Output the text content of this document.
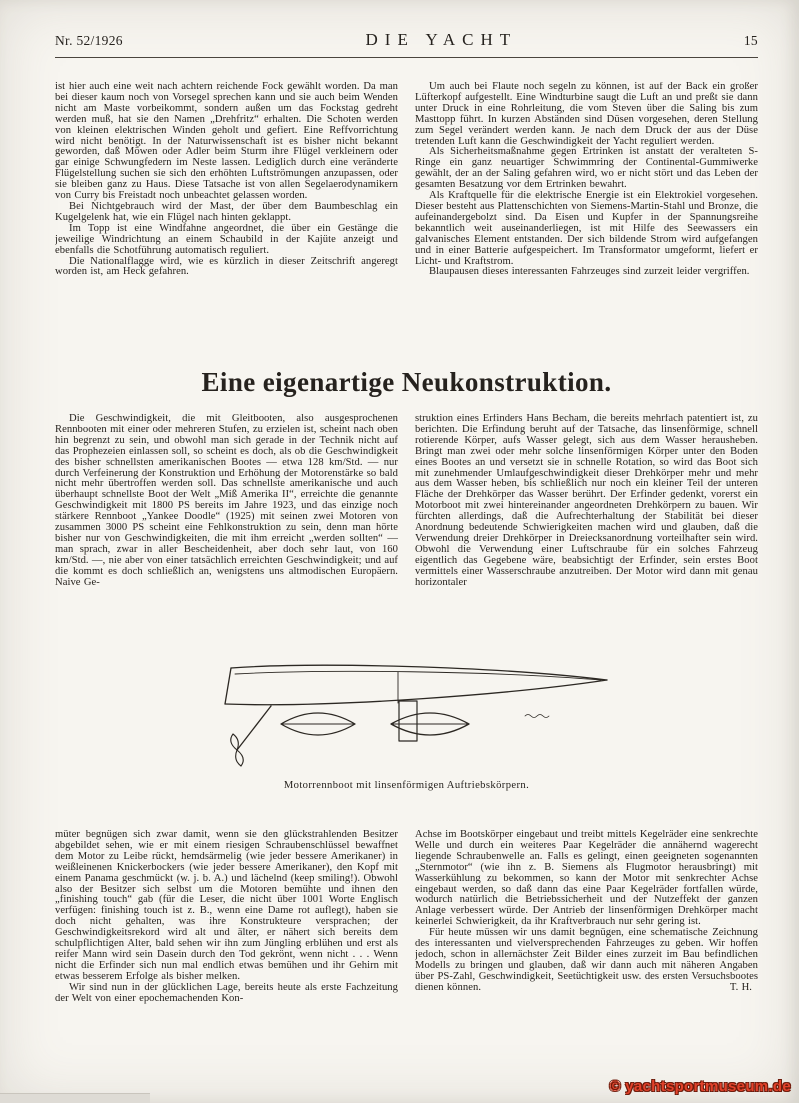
Nr. 52/1926	DIE YACHT	15

ist hier auch eine weit nach achtern reichende Fock gewählt worden. Da man bei dieser kaum noch von Vorsegel sprechen kann und sie auch beim Wenden nicht am Maste vorbeikommt, sondern außen um das Fockstag gedreht werden muß, hat sie den Namen „Drehfritz“ erhalten. Die Schoten werden von kleinen elektrischen Winden geholt und gefiert. Eine Reffvorrichtung wird nicht benötigt. In der Naturwissenschaft ist es bisher nicht bekannt geworden, daß Möwen oder Adler beim Sturm ihre Flügel verkleinern oder gar einige Schwungfedern im Neste lassen. Lediglich durch eine veränderte Flügelstellung suchen sie sich den erhöhten Luftströmungen anzupassen, oder sie bleiben ganz zu Haus. Diese Tatsache ist von allen Segelaerodynamikern von Curry bis Freistadt noch unbeachtet gelassen worden.

Bei Nichtgebrauch wird der Mast, der über dem Baumbeschlag ein Kugelgelenk hat, wie ein Flügel nach hinten geklappt.

Im Topp ist eine Windfahne angeordnet, die über ein Gestänge die jeweilige Windrichtung an einem Schaubild in der Kajüte anzeigt und ebenfalls die Schotführung automatisch reguliert.

Die Nationalflagge wird, wie es kürzlich in dieser Zeitschrift angeregt worden ist, am Heck gefahren.

Um auch bei Flaute noch segeln zu können, ist auf der Back ein großer Lüfterkopf aufgestellt. Eine Windturbine saugt die Luft an und preßt sie dann unter Druck in eine Rohrleitung, die vom Steven über die Saling bis zum Masttopp führt. In kurzen Abständen sind Düsen vorgesehen, deren Stellung zum Segel verändert werden kann. Je nach dem Druck der aus der Düse tretenden Luft kann die Geschwindigkeit der Yacht reguliert werden.

Als Sicherheitsmaßnahme gegen Ertrinken ist anstatt der veralteten S-Ringe ein ganz neuartiger Schwimmring der Continental-Gummiwerke gewählt, der an der Saling gefahren wird, wo er nicht stört und das Leben der gesamten Besatzung vor dem Ertrinken bewahrt.

Als Kraftquelle für die elektrische Energie ist ein Elektrokiel vorgesehen. Dieser besteht aus Plattenschichten von Siemens-Martin-Stahl und Bronze, die aufeinandergebolzt sind. Da Eisen und Kupfer in der Spannungsreihe bekanntlich weit auseinanderliegen, ist mit Hilfe des Seewassers ein galvanisches Element entstanden. Der sich bildende Strom wird aufgefangen und in einer Batterie aufgespeichert. Im Transformator umgeformt, liefert er Licht- und Kraftstrom.

Blaupausen dieses interessanten Fahrzeuges sind zurzeit leider vergriffen.

Eine eigenartige Neukonstruktion.

Die Geschwindigkeit, die mit Gleitbooten, also ausgesprochenen Rennbooten mit einer oder mehreren Stufen, zu erzielen ist, scheint nach oben hin begrenzt zu sein, und obwohl man sich gerade in der Technik nicht auf das Prophezeien einlassen soll, so scheint es doch, als ob die Geschwindigkeit des bisher schnellsten amerikanischen Bootes — etwa 128 km/Std. — nur durch Verfeinerung der Konstruktion und Erhöhung der Motorenstärke so bald nicht mehr übertroffen werden soll. Das schnellste amerikanische und auch überhaupt schnellste Boot der Welt „Miß Amerika II“, erreichte die genannte Geschwindigkeit mit 1800 PS bereits im Jahre 1923, und das einzige noch stärkere Rennboot „Yankee Doodle“ (1925) mit seinen zwei Motoren von zusammen 3000 PS scheint eine Fehlkonstruktion zu sein, denn man hörte bisher nur von Geschwindigkeiten, die mit ihm erreicht „werden sollten“ — man sprach, zwar in aller Bescheidenheit, aber doch sehr laut, von 160 km/Std. —, nie aber von einer tatsächlich erreichten Geschwindigkeit; und auf die kommt es doch schließlich an, wenigstens uns altmodischen Europäern. Naive Ge-

struktion eines Erfinders Hans Becham, die bereits mehrfach patentiert ist, zu berichten. Die Erfindung beruht auf der Tatsache, das linsenförmige, schnell rotierende Körper, aufs Wasser gelegt, sich aus dem Wasser herausheben. Bringt man zwei oder mehr solche linsenförmigen Körper unter den Boden eines Bootes an und versetzt sie in schnelle Rotation, so wird das Boot sich mit zunehmender Umlaufgeschwindigkeit dieser Drehkörper mehr und mehr aus dem Wasser heben, bis schließlich nur noch ein kleiner Teil der unteren Fläche der Drehkörper das Wasser berührt. Der Erfinder gedenkt, vorerst ein Motorboot mit zwei hintereinander angeordneten Drehkörpern zu bauen. Wir fürchten allerdings, daß die Aufrechterhaltung der Stabilität bei dieser Anordnung bedeutende Schwierigkeiten machen wird und glauben, daß die Verwendung dreier Drehkörper in Dreiecksanordnung vorteilhafter sein wird. Obwohl die Verwendung einer Luftschraube für ein solches Fahrzeug eigentlich das Gegebene wäre, beabsichtigt der Erfinder, sein erstes Boot vermittels einer Wasserschraube anzutreiben. Der Motor wird dann mit genau horizontaler

Motorrennboot mit linsenförmigen Auftriebskörpern.

müter begnügen sich zwar damit, wenn sie den glückstrahlenden Besitzer abgebildet sehen, wie er mit einem riesigen Schraubenschlüssel bewaffnet dem Motor zu Leibe rückt, hemdsärmelig (wie jeder bessere Amerikaner) in weißleinenen Knickerbockers (wie jeder bessere Amerikaner), den Kopf mit einem Panama geschmückt (w. j. b. A.) und lächelnd (keep smiling!). Obwohl also der Besitzer sich selbst um die Motoren bemühte und ihnen den „finishing touch“ gab (für die Leser, die nicht über 1001 Worte Englisch verfügen: finishing touch ist z. B., wenn eine Dame rot auflegt), haben sie doch nicht gehalten, was ihre Konstrukteure versprachen; der Geschwindigkeitsrekord wird alt und älter, er nähert sich bereits dem schulpflichtigen Alter, bald sehen wir ihn zum Jüngling erblühen und erst als reifer Mann wird sein Dasein durch den Tod gekrönt, wenn nicht . . . Wenn nicht die Erfinder sich nun mal endlich etwas bemühen und ihr Gehirn mit etwas besserem Erfolge als bisher melken.

Wir sind nun in der glücklichen Lage, bereits heute als erste Fachzeitung der Welt von einer epochemachenden Kon-

Achse im Bootskörper eingebaut und treibt mittels Kegelräder eine senkrechte Welle und durch ein weiteres Paar Kegelräder die annähernd wagerecht liegende Schraubenwelle an. Falls es gelingt, einen geeigneten sogenannten „Sternmotor“ (wie ihn z. B. Siemens als Flugmotor herausbringt) mit Wasserkühlung zu bekommen, so kann der Motor mit senkrechter Achse eingebaut werden, so daß dann das eine Paar Kegelräder fortfallen würde, wodurch natürlich die Betriebssicherheit und der Nutzeffekt der ganzen Anlage verbessert würde. Der Antrieb der linsenförmigen Drehkörper macht keinerlei Schwierigkeit, da ihr Kraftverbrauch nur sehr gering ist.

Für heute müssen wir uns damit begnügen, eine schematische Zeichnung des interessanten und vielversprechenden Fahrzeuges zu geben. Wir hoffen jedoch, schon in allernächster Zeit Bilder eines zurzeit im Bau befindlichen Modells zu bringen und glauben, daß wir dann auch mit näheren Angaben über PS-Zahl, Geschwindigkeit, Seetüchtigkeit usw. des ersten Versuchsbootes dienen können.	T. H.
© yachtsportmuseum.de
